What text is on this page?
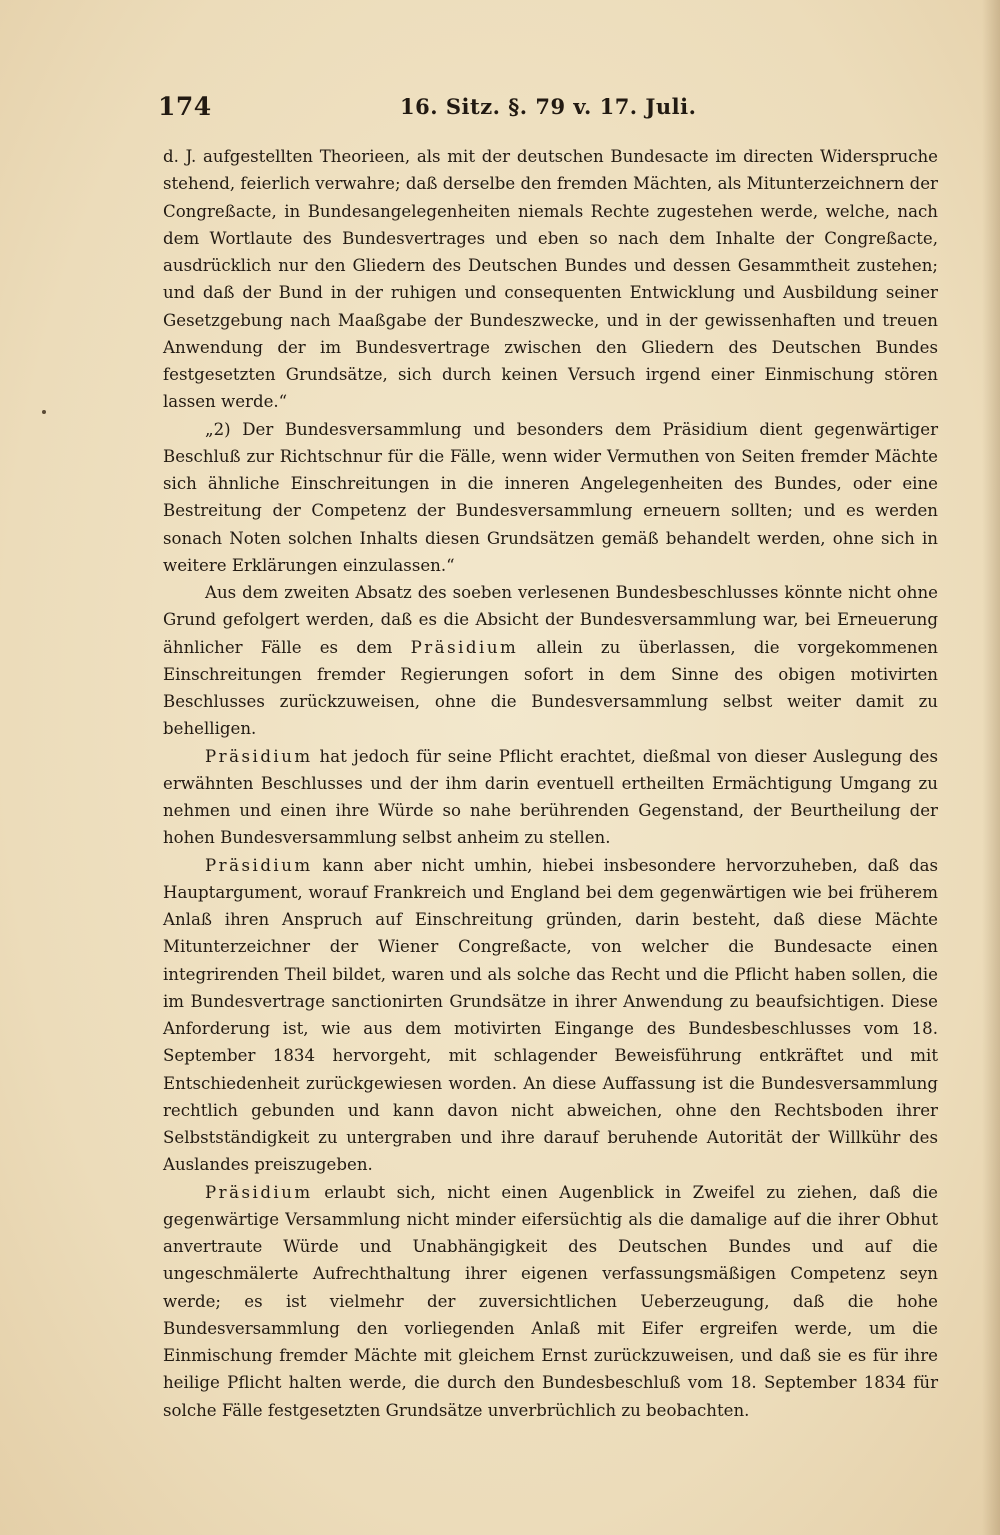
174	16. Sitz. §. 79 v. 17. Juli.

d. J. aufgestellten Theorieen, als mit der deutschen Bundesacte im directen Widerspruche stehend, feierlich verwahre; daß derselbe den fremden Mächten, als Mitunterzeichnern der Congreßacte, in Bundesangelegenheiten niemals Rechte zugestehen werde, welche, nach dem Wortlaute des Bundesvertrages und eben so nach dem Inhalte der Congreßacte, ausdrücklich nur den Gliedern des Deutschen Bundes und dessen Gesammtheit zustehen; und daß der Bund in der ruhigen und consequenten Entwicklung und Ausbildung seiner Gesetzgebung nach Maaßgabe der Bundeszwecke, und in der gewissenhaften und treuen Anwendung der im Bundesvertrage zwischen den Gliedern des Deutschen Bundes festgesetzten Grundsätze, sich durch keinen Versuch irgend einer Einmischung stören lassen werde.“

„2) Der Bundesversammlung und besonders dem Präsidium dient gegenwärtiger Beschluß zur Richtschnur für die Fälle, wenn wider Vermuthen von Seiten fremder Mächte sich ähnliche Einschreitungen in die inneren Angelegenheiten des Bundes, oder eine Bestreitung der Competenz der Bundesversammlung erneuern sollten; und es werden sonach Noten solchen Inhalts diesen Grundsätzen gemäß behandelt werden, ohne sich in weitere Erklärungen einzulassen.“

Aus dem zweiten Absatz des soeben verlesenen Bundesbeschlusses könnte nicht ohne Grund gefolgert werden, daß es die Absicht der Bundesversammlung war, bei Erneuerung ähnlicher Fälle es dem Präsidium allein zu überlassen, die vorgekommenen Einschreitungen fremder Regierungen sofort in dem Sinne des obigen motivirten Beschlusses zurückzuweisen, ohne die Bundesversammlung selbst weiter damit zu behelligen.

Präsidium hat jedoch für seine Pflicht erachtet, dießmal von dieser Auslegung des erwähnten Beschlusses und der ihm darin eventuell ertheilten Ermächtigung Umgang zu nehmen und einen ihre Würde so nahe berührenden Gegenstand, der Beurtheilung der hohen Bundesversammlung selbst anheim zu stellen.

Präsidium kann aber nicht umhin, hiebei insbesondere hervorzuheben, daß das Hauptargument, worauf Frankreich und England bei dem gegenwärtigen wie bei früherem Anlaß ihren Anspruch auf Einschreitung gründen, darin besteht, daß diese Mächte Mitunterzeichner der Wiener Congreßacte, von welcher die Bundesacte einen integrirenden Theil bildet, waren und als solche das Recht und die Pflicht haben sollen, die im Bundesvertrage sanctionirten Grundsätze in ihrer Anwendung zu beaufsichtigen. Diese Anforderung ist, wie aus dem motivirten Eingange des Bundesbeschlusses vom 18. September 1834 hervorgeht, mit schlagender Beweisführung entkräftet und mit Entschiedenheit zurückgewiesen worden. An diese Auffassung ist die Bundesversammlung rechtlich gebunden und kann davon nicht abweichen, ohne den Rechtsboden ihrer Selbstständigkeit zu untergraben und ihre darauf beruhende Autorität der Willkühr des Auslandes preiszugeben.

Präsidium erlaubt sich, nicht einen Augenblick in Zweifel zu ziehen, daß die gegenwärtige Versammlung nicht minder eifersüchtig als die damalige auf die ihrer Obhut anvertraute Würde und Unabhängigkeit des Deutschen Bundes und auf die ungeschmälerte Aufrechthaltung ihrer eigenen verfassungsmäßigen Competenz seyn werde; es ist vielmehr der zuversichtlichen Ueberzeugung, daß die hohe Bundesversammlung den vorliegenden Anlaß mit Eifer ergreifen werde, um die Einmischung fremder Mächte mit gleichem Ernst zurückzuweisen, und daß sie es für ihre heilige Pflicht halten werde, die durch den Bundesbeschluß vom 18. September 1834 für solche Fälle festgesetzten Grundsätze unverbrüchlich zu beobachten.
